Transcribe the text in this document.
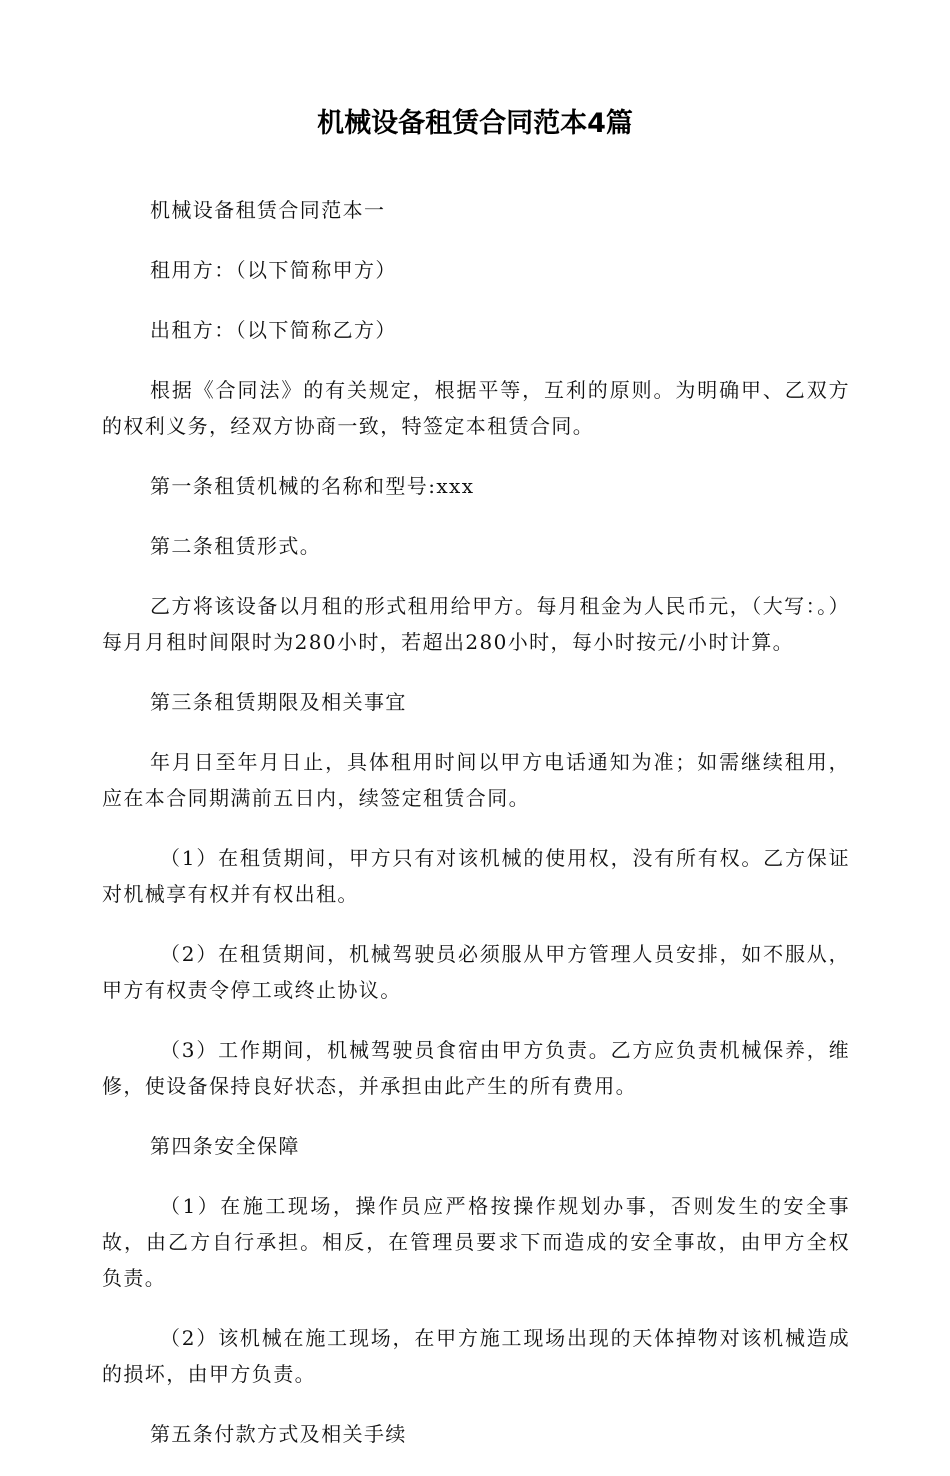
机械设备租赁合同范本4篇

机械设备租赁合同范本一

租用方：（以下简称甲方）

出租方：（以下简称乙方）

根据《合同法》的有关规定，根据平等，互利的原则。为明确甲、乙双方的权利义务，经双方协商一致，特签定本租赁合同。

第一条租赁机械的名称和型号:xxx

第二条租赁形式。

乙方将该设备以月租的形式租用给甲方。每月租金为人民币元，（大写：。）每月月租时间限时为280小时，若超出280小时，每小时按元/小时计算。

第三条租赁期限及相关事宜

年月日至年月日止，具体租用时间以甲方电话通知为准；如需继续租用，应在本合同期满前五日内，续签定租赁合同。

（1）在租赁期间，甲方只有对该机械的使用权，没有所有权。乙方保证对机械享有权并有权出租。

（2）在租赁期间，机械驾驶员必须服从甲方管理人员安排，如不服从，甲方有权责令停工或终止协议。

（3）工作期间，机械驾驶员食宿由甲方负责。乙方应负责机械保养，维修，使设备保持良好状态，并承担由此产生的所有费用。

第四条安全保障

（1）在施工现场，操作员应严格按操作规划办事，否则发生的安全事故，由乙方自行承担。相反，在管理员要求下而造成的安全事故，由甲方全权负责。

（2）该机械在施工现场，在甲方施工现场出现的天体掉物对该机械造成的损坏，由甲方负责。

第五条付款方式及相关手续
